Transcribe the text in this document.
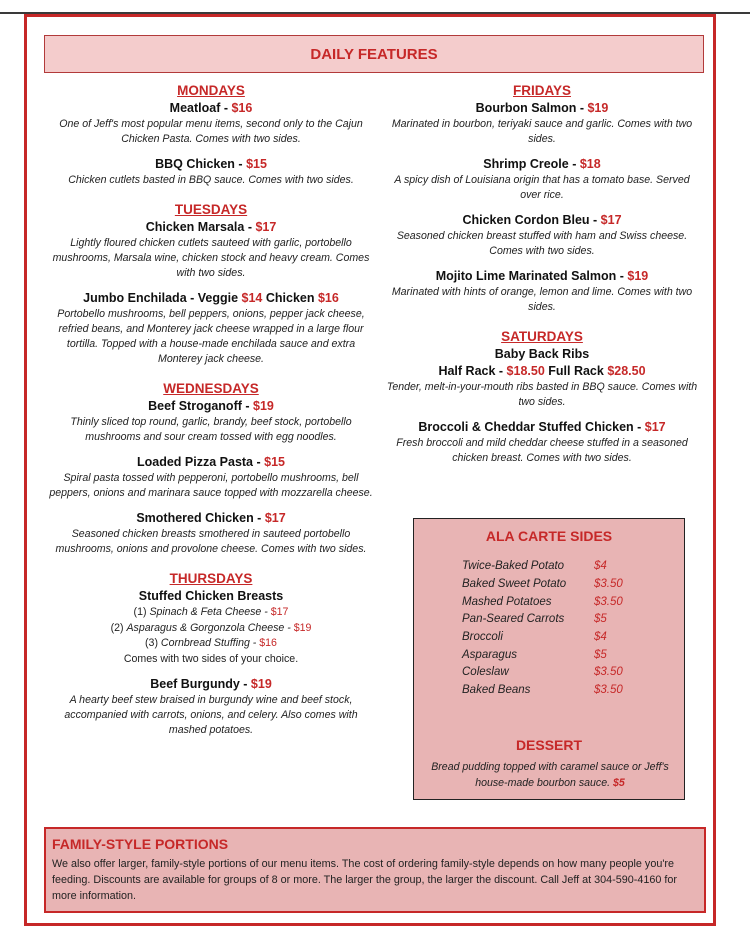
DAILY FEATURES
MONDAYS
Meatloaf - $16
One of Jeff's most popular menu items, second only to the Cajun Chicken Pasta. Comes with two sides.
BBQ Chicken - $15
Chicken cutlets basted in BBQ sauce. Comes with two sides.
TUESDAYS
Chicken Marsala - $17
Lightly floured chicken cutlets sauteed with garlic, portobello mushrooms, Marsala wine, chicken stock and heavy cream. Comes with two sides.
Jumbo Enchilada - Veggie $14 Chicken $16
Portobello mushrooms, bell peppers, onions, pepper jack cheese, refried beans, and Monterey jack cheese wrapped in a large flour tortilla. Topped with a house-made enchilada sauce and extra Monterey jack cheese.
WEDNESDAYS
Beef Stroganoff - $19
Thinly sliced top round, garlic, brandy, beef stock, portobello mushrooms and sour cream tossed with egg noodles.
Loaded Pizza Pasta - $15
Spiral pasta tossed with pepperoni, portobello mushrooms, bell peppers, onions and marinara sauce topped with mozzarella cheese.
Smothered Chicken - $17
Seasoned chicken breasts smothered in sauteed portobello mushrooms, onions and provolone cheese. Comes with two sides.
THURSDAYS
Stuffed Chicken Breasts
(1) Spinach & Feta Cheese - $17
(2) Asparagus & Gorgonzola Cheese - $19
(3) Cornbread Stuffing - $16
Comes with two sides of your choice.
Beef Burgundy - $19
A hearty beef stew braised in burgundy wine and beef stock, accompanied with carrots, onions, and celery. Also comes with mashed potatoes.
FRIDAYS
Bourbon Salmon - $19
Marinated in bourbon, teriyaki sauce and garlic. Comes with two sides.
Shrimp Creole - $18
A spicy dish of Louisiana origin that has a tomato base. Served over rice.
Chicken Cordon Bleu - $17
Seasoned chicken breast stuffed with ham and Swiss cheese. Comes with two sides.
Mojito Lime Marinated Salmon - $19
Marinated with hints of orange, lemon and lime. Comes with two sides.
SATURDAYS
Baby Back Ribs
Half Rack - $18.50 Full Rack $28.50
Tender, melt-in-your-mouth ribs basted in BBQ sauce. Comes with two sides.
Broccoli & Cheddar Stuffed Chicken - $17
Fresh broccoli and mild cheddar cheese stuffed in a seasoned chicken breast. Comes with two sides.
ALA CARTE SIDES
Twice-Baked Potato	$4
Baked Sweet Potato $3.50
Mashed Potatoes	$3.50
Pan-Seared Carrots	$5
Broccoli	$4
Asparagus	$5
Coleslaw	$3.50
Baked Beans	$3.50
DESSERT
Bread pudding topped with caramel sauce or Jeff's house-made bourbon sauce. $5
FAMILY-STYLE PORTIONS
We also offer larger, family-style portions of our menu items. The cost of ordering family-style depends on how many people you're feeding. Discounts are available for groups of 8 or more. The larger the group, the larger the discount. Call Jeff at 304-590-4160 for more information.
